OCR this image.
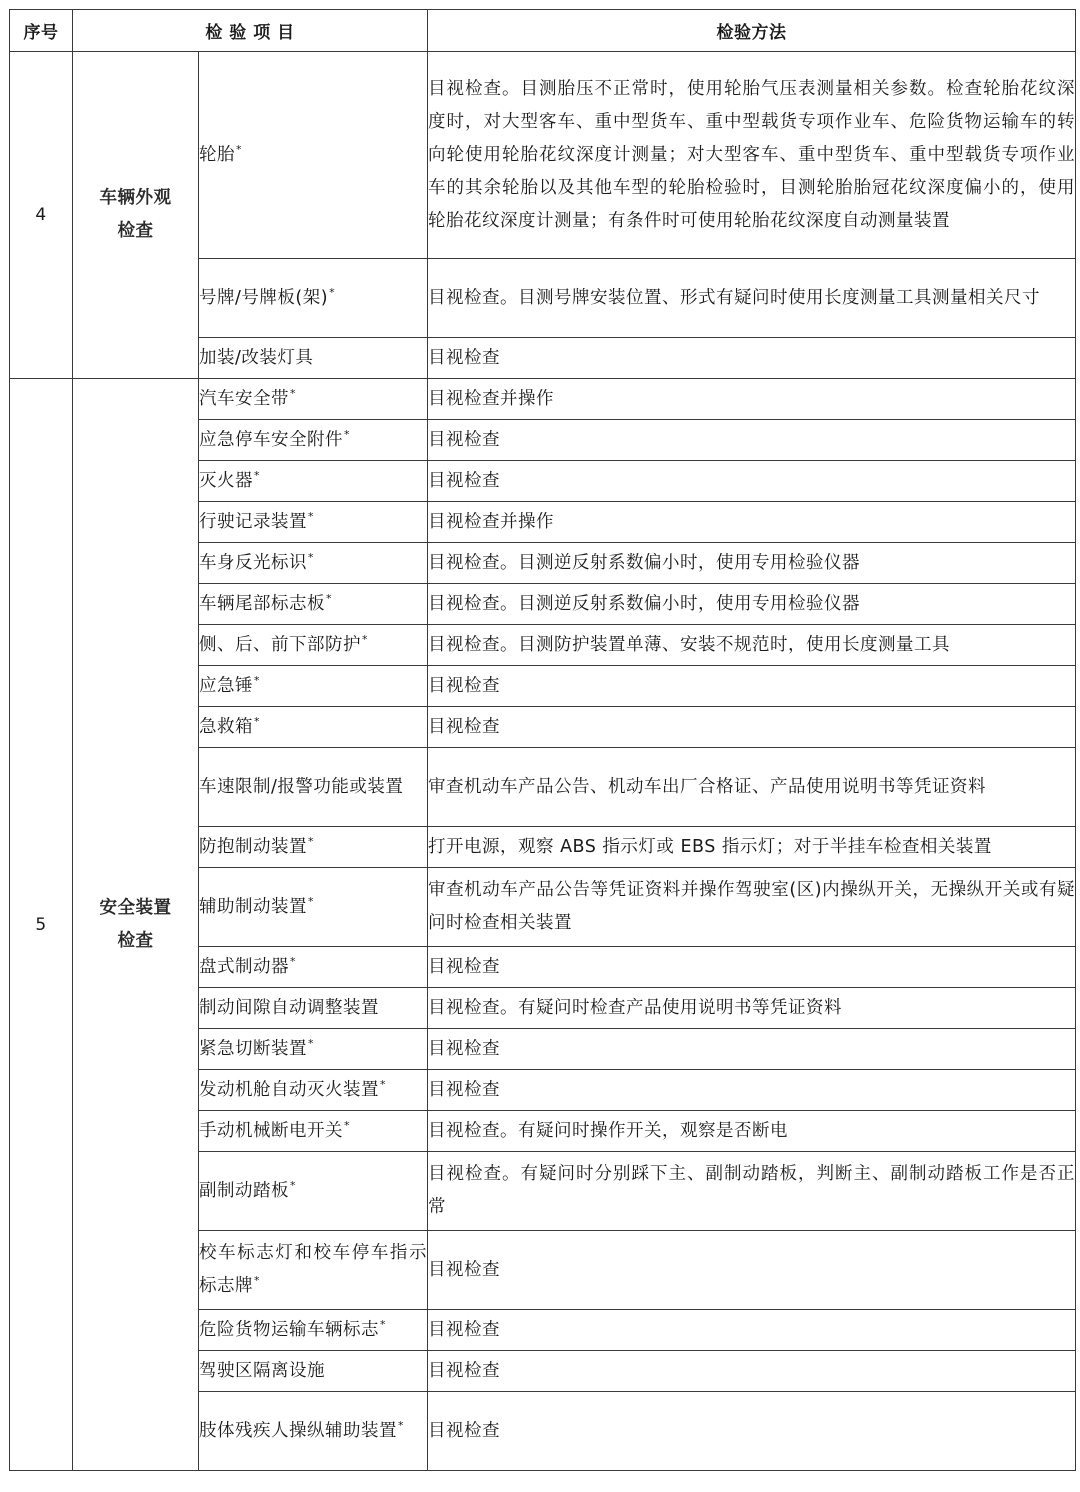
序号	检 验 项 目		检验方法
4	车辆外观检查	轮胎*	目视检查。目测胎压不正常时，使用轮胎气压表测量相关参数。检查轮胎花纹深度时，对大型客车、重中型货车、重中型载货专项作业车、危险货物运输车的转向轮使用轮胎花纹深度计测量；对大型客车、重中型货车、重中型载货专项作业车的其余轮胎以及其他车型的轮胎检验时，目测轮胎胎冠花纹深度偏小的，使用轮胎花纹深度计测量；有条件时可使用轮胎花纹深度自动测量装置
		号牌/号牌板(架)*	目视检查。目测号牌安装位置、形式有疑问时使用长度测量工具测量相关尺寸
		加装/改装灯具	目视检查
5	安全装置检查	汽车安全带*	目视检查并操作
		应急停车安全附件*	目视检查
		灭火器*	目视检查
		行驶记录装置*	目视检查并操作
		车身反光标识*	目视检查。目测逆反射系数偏小时，使用专用检验仪器
		车辆尾部标志板*	目视检查。目测逆反射系数偏小时，使用专用检验仪器
		侧、后、前下部防护*	目视检查。目测防护装置单薄、安装不规范时，使用长度测量工具
		应急锤*	目视检查
		急救箱*	目视检查
		车速限制/报警功能或装置	审查机动车产品公告、机动车出厂合格证、产品使用说明书等凭证资料
		防抱制动装置*	打开电源，观察 ABS 指示灯或 EBS 指示灯；对于半挂车检查相关装置
		辅助制动装置*	审查机动车产品公告等凭证资料并操作驾驶室(区)内操纵开关，无操纵开关或有疑问时检查相关装置
		盘式制动器*	目视检查
		制动间隙自动调整装置	目视检查。有疑问时检查产品使用说明书等凭证资料
		紧急切断装置*	目视检查
		发动机舱自动灭火装置*	目视检查
		手动机械断电开关*	目视检查。有疑问时操作开关，观察是否断电
		副制动踏板*	目视检查。有疑问时分别踩下主、副制动踏板，判断主、副制动踏板工作是否正常
		校车标志灯和校车停车指示标志牌*	目视检查
		危险货物运输车辆标志*	目视检查
		驾驶区隔离设施	目视检查
		肢体残疾人操纵辅助装置*	目视检查
